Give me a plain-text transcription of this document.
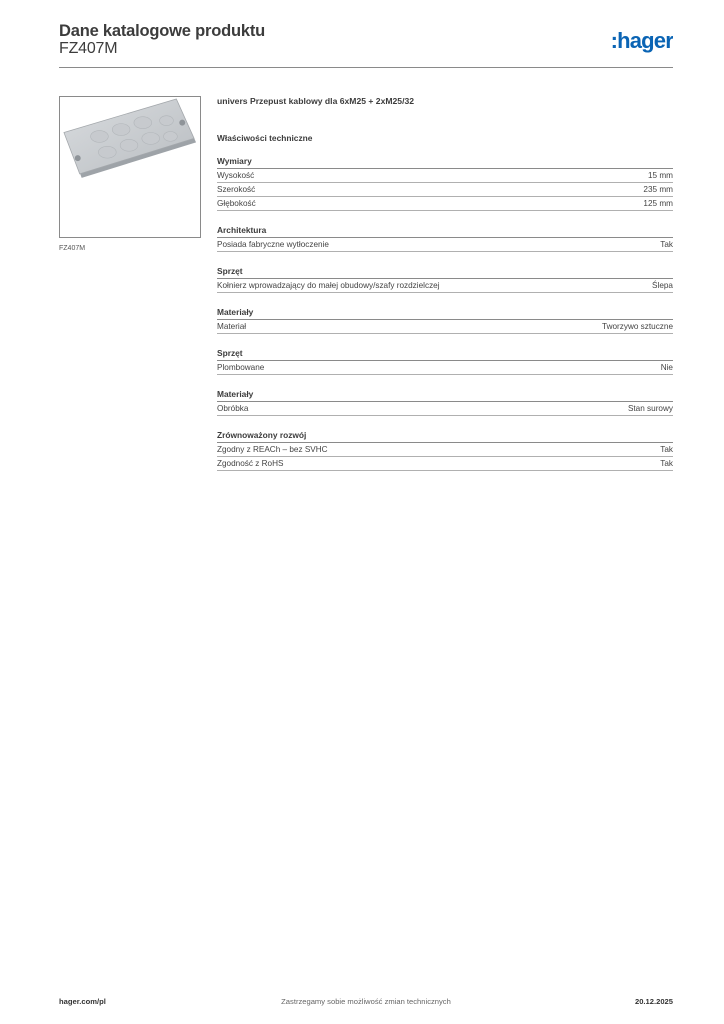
Dane katalogowe produktu
FZ407M	:hager
FZ407M
univers Przepust kablowy dla 6xM25 + 2xM25/32
Właściwości techniczne
Wymiary
Wysokość	15 mm
Szerokość	235 mm
Głębokość	125 mm
Architektura
Posiada fabryczne wytłoczenie	Tak
Sprzęt
Kołnierz wprowadzający do małej obudowy/szafy rozdzielczej	Ślepa
Materiały
Materiał	Tworzywo sztuczne
Sprzęt
Plombowane	Nie
Materiały
Obróbka	Stan surowy
Zrównoważony rozwój
Zgodny z REACh – bez SVHC	Tak
Zgodność z RoHS	Tak
Zastrzegamy sobie możliwość zmian technicznych
hager.com/pl	20.12.2025
